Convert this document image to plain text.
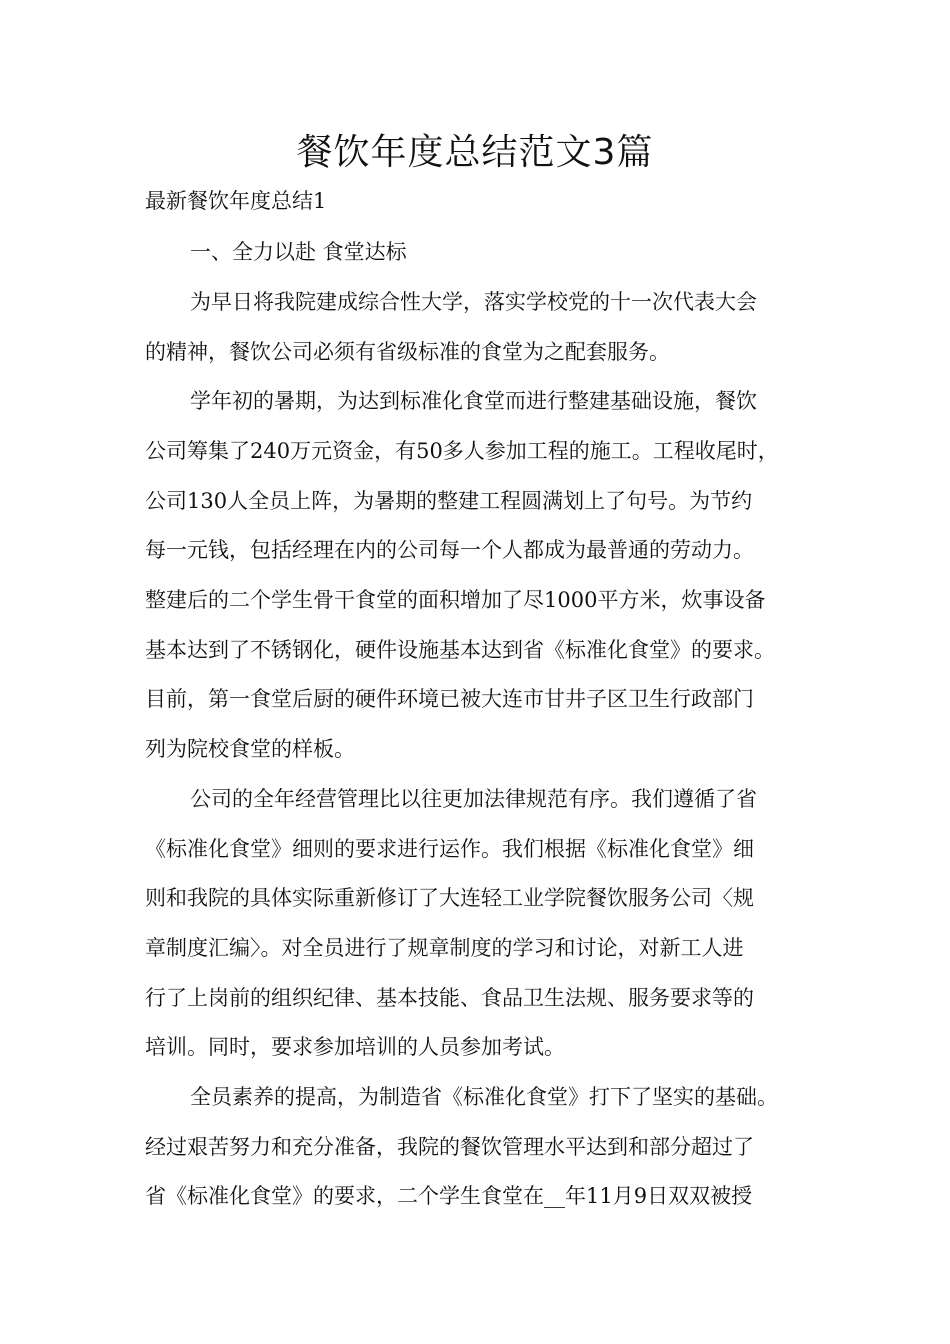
餐饮年度总结范文3篇
最新餐饮年度总结1
一、全力以赴 食堂达标
为早日将我院建成综合性大学，落实学校党的十一次代表大会
的精神，餐饮公司必须有省级标准的食堂为之配套服务。
学年初的暑期，为达到标准化食堂而进行整建基础设施，餐饮
公司筹集了240万元资金，有50多人参加工程的施工。工程收尾时，
公司130人全员上阵，为暑期的整建工程圆满划上了句号。为节约
每一元钱，包括经理在内的公司每一个人都成为最普通的劳动力。
整建后的二个学生骨干食堂的面积增加了尽1000平方米，炊事设备
基本达到了不锈钢化，硬件设施基本达到省《标准化食堂》的要求。
目前，第一食堂后厨的硬件环境已被大连市甘井子区卫生行政部门
列为院校食堂的样板。
公司的全年经营管理比以往更加法律规范有序。我们遵循了省
《标准化食堂》细则的要求进行运作。我们根据《标准化食堂》细
则和我院的具体实际重新修订了大连轻工业学院餐饮服务公司〈规
章制度汇编〉。对全员进行了规章制度的学习和讨论，对新工人进
行了上岗前的组织纪律、基本技能、食品卫生法规、服务要求等的
培训。同时，要求参加培训的人员参加考试。
全员素养的提高，为制造省《标准化食堂》打下了坚实的基础。
经过艰苦努力和充分准备，我院的餐饮管理水平达到和部分超过了
省《标准化食堂》的要求，二个学生食堂在__年11月9日双双被授
